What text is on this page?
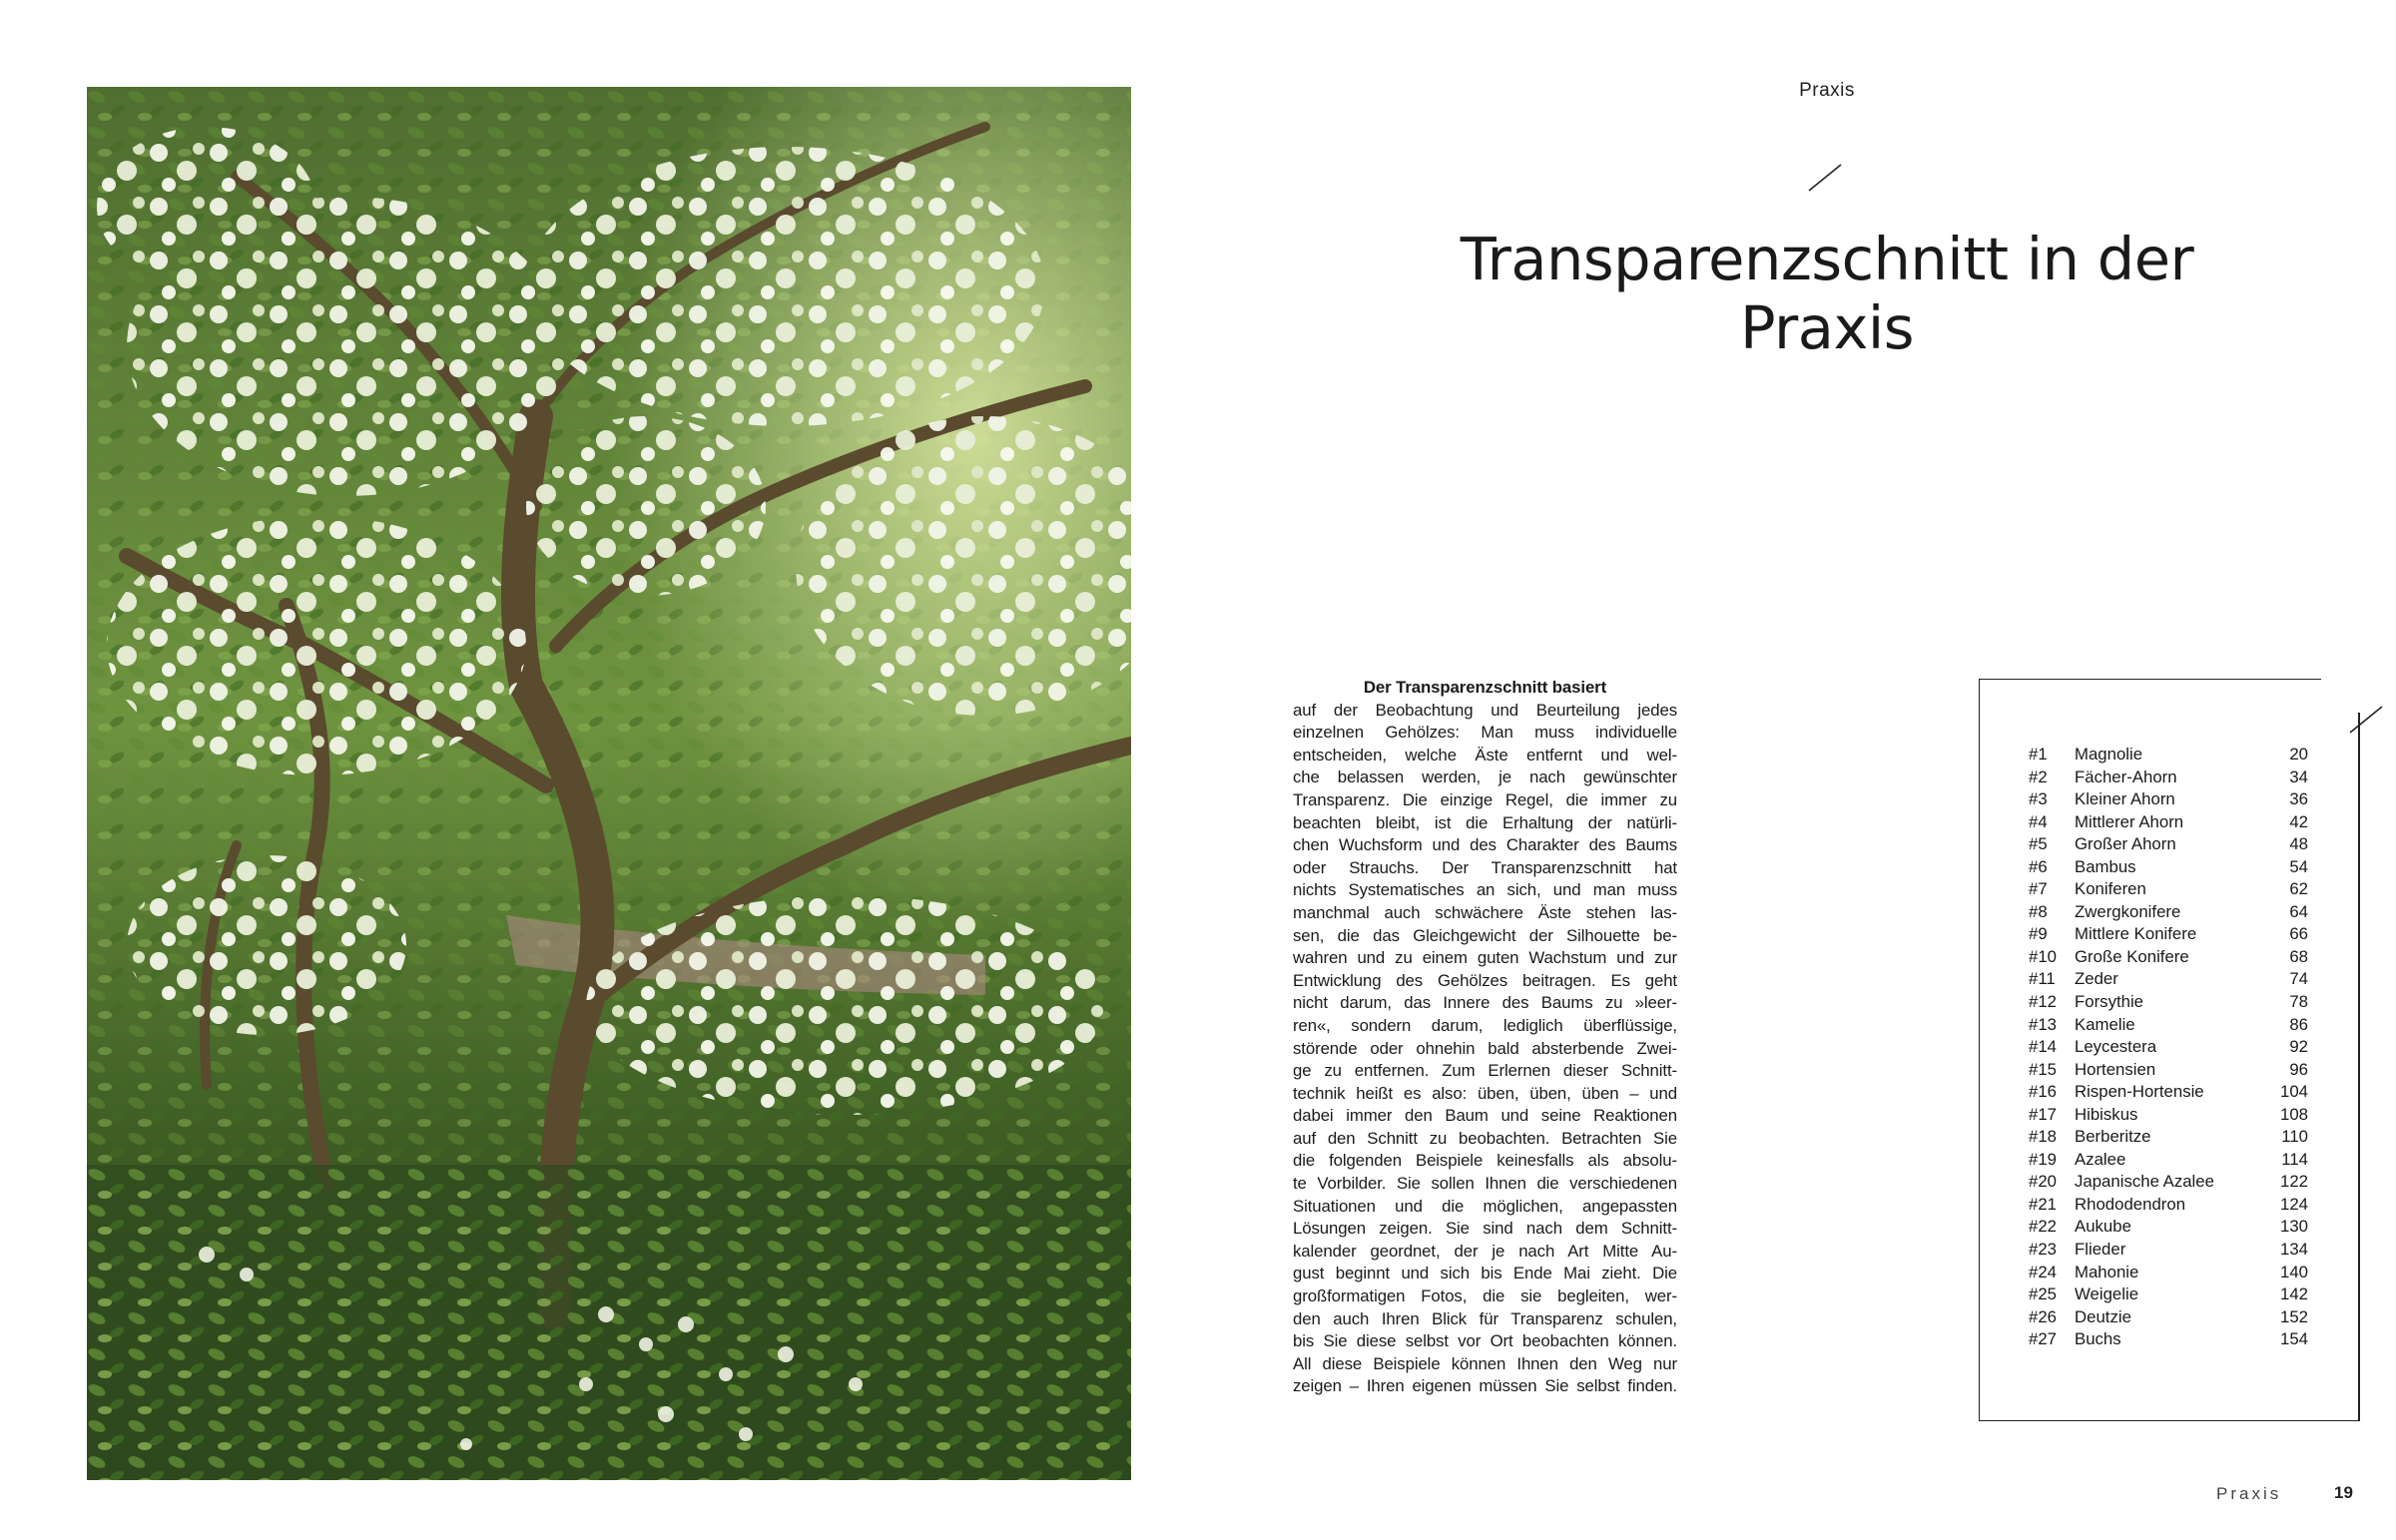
Praxis
Transparenzschnitt in der Praxis
Der Transparenzschnitt basiert
auf der Beobachtung und Beurteilung jedes
einzelnen Gehölzes: Man muss individuelle
entscheiden, welche Äste entfernt und wel-
che belassen werden, je nach gewünschter
Transparenz. Die einzige Regel, die immer zu
beachten bleibt, ist die Erhaltung der natürli-
chen Wuchsform und des Charakter des Baums
oder Strauchs. Der Transparenzschnitt hat
nichts Systematisches an sich, und man muss
manchmal auch schwächere Äste stehen las-
sen, die das Gleichgewicht der Silhouette be-
wahren und zu einem guten Wachstum und zur
Entwicklung des Gehölzes beitragen. Es geht
nicht darum, das Innere des Baums zu »leer-
ren«, sondern darum, lediglich überflüssige,
störende oder ohnehin bald absterbende Zwei-
ge zu entfernen. Zum Erlernen dieser Schnitt-
technik heißt es also: üben, üben, üben – und
dabei immer den Baum und seine Reaktionen
auf den Schnitt zu beobachten. Betrachten Sie
die folgenden Beispiele keinesfalls als absolu-
te Vorbilder. Sie sollen Ihnen die verschiedenen
Situationen und die möglichen, angepassten
Lösungen zeigen. Sie sind nach dem Schnitt-
kalender geordnet, der je nach Art Mitte Au-
gust beginnt und sich bis Ende Mai zieht. Die
großformatigen Fotos, die sie begleiten, wer-
den auch Ihren Blick für Transparenz schulen,
bis Sie diese selbst vor Ort beobachten können.
All diese Beispiele können Ihnen den Weg nur
zeigen – Ihren eigenen müssen Sie selbst finden.
#1	Magnolie	20
#2	Fächer-Ahorn	34
#3	Kleiner Ahorn	36
#4	Mittlerer Ahorn	42
#5	Großer Ahorn	48
#6	Bambus	54
#7	Koniferen	62
#8	Zwergkonifere	64
#9	Mittlere Konifere	66
#10	Große Konifere	68
#11	Zeder	74
#12	Forsythie	78
#13	Kamelie	86
#14	Leycestera	92
#15	Hortensien	96
#16	Rispen-Hortensie	104
#17	Hibiskus	108
#18	Berberitze	110
#19	Azalee	114
#20	Japanische Azalee	122
#21	Rhododendron	124
#22	Aukube	130
#23	Flieder	134
#24	Mahonie	140
#25	Weigelie	142
#26	Deutzie	152
#27	Buchs	154
Praxis	19
